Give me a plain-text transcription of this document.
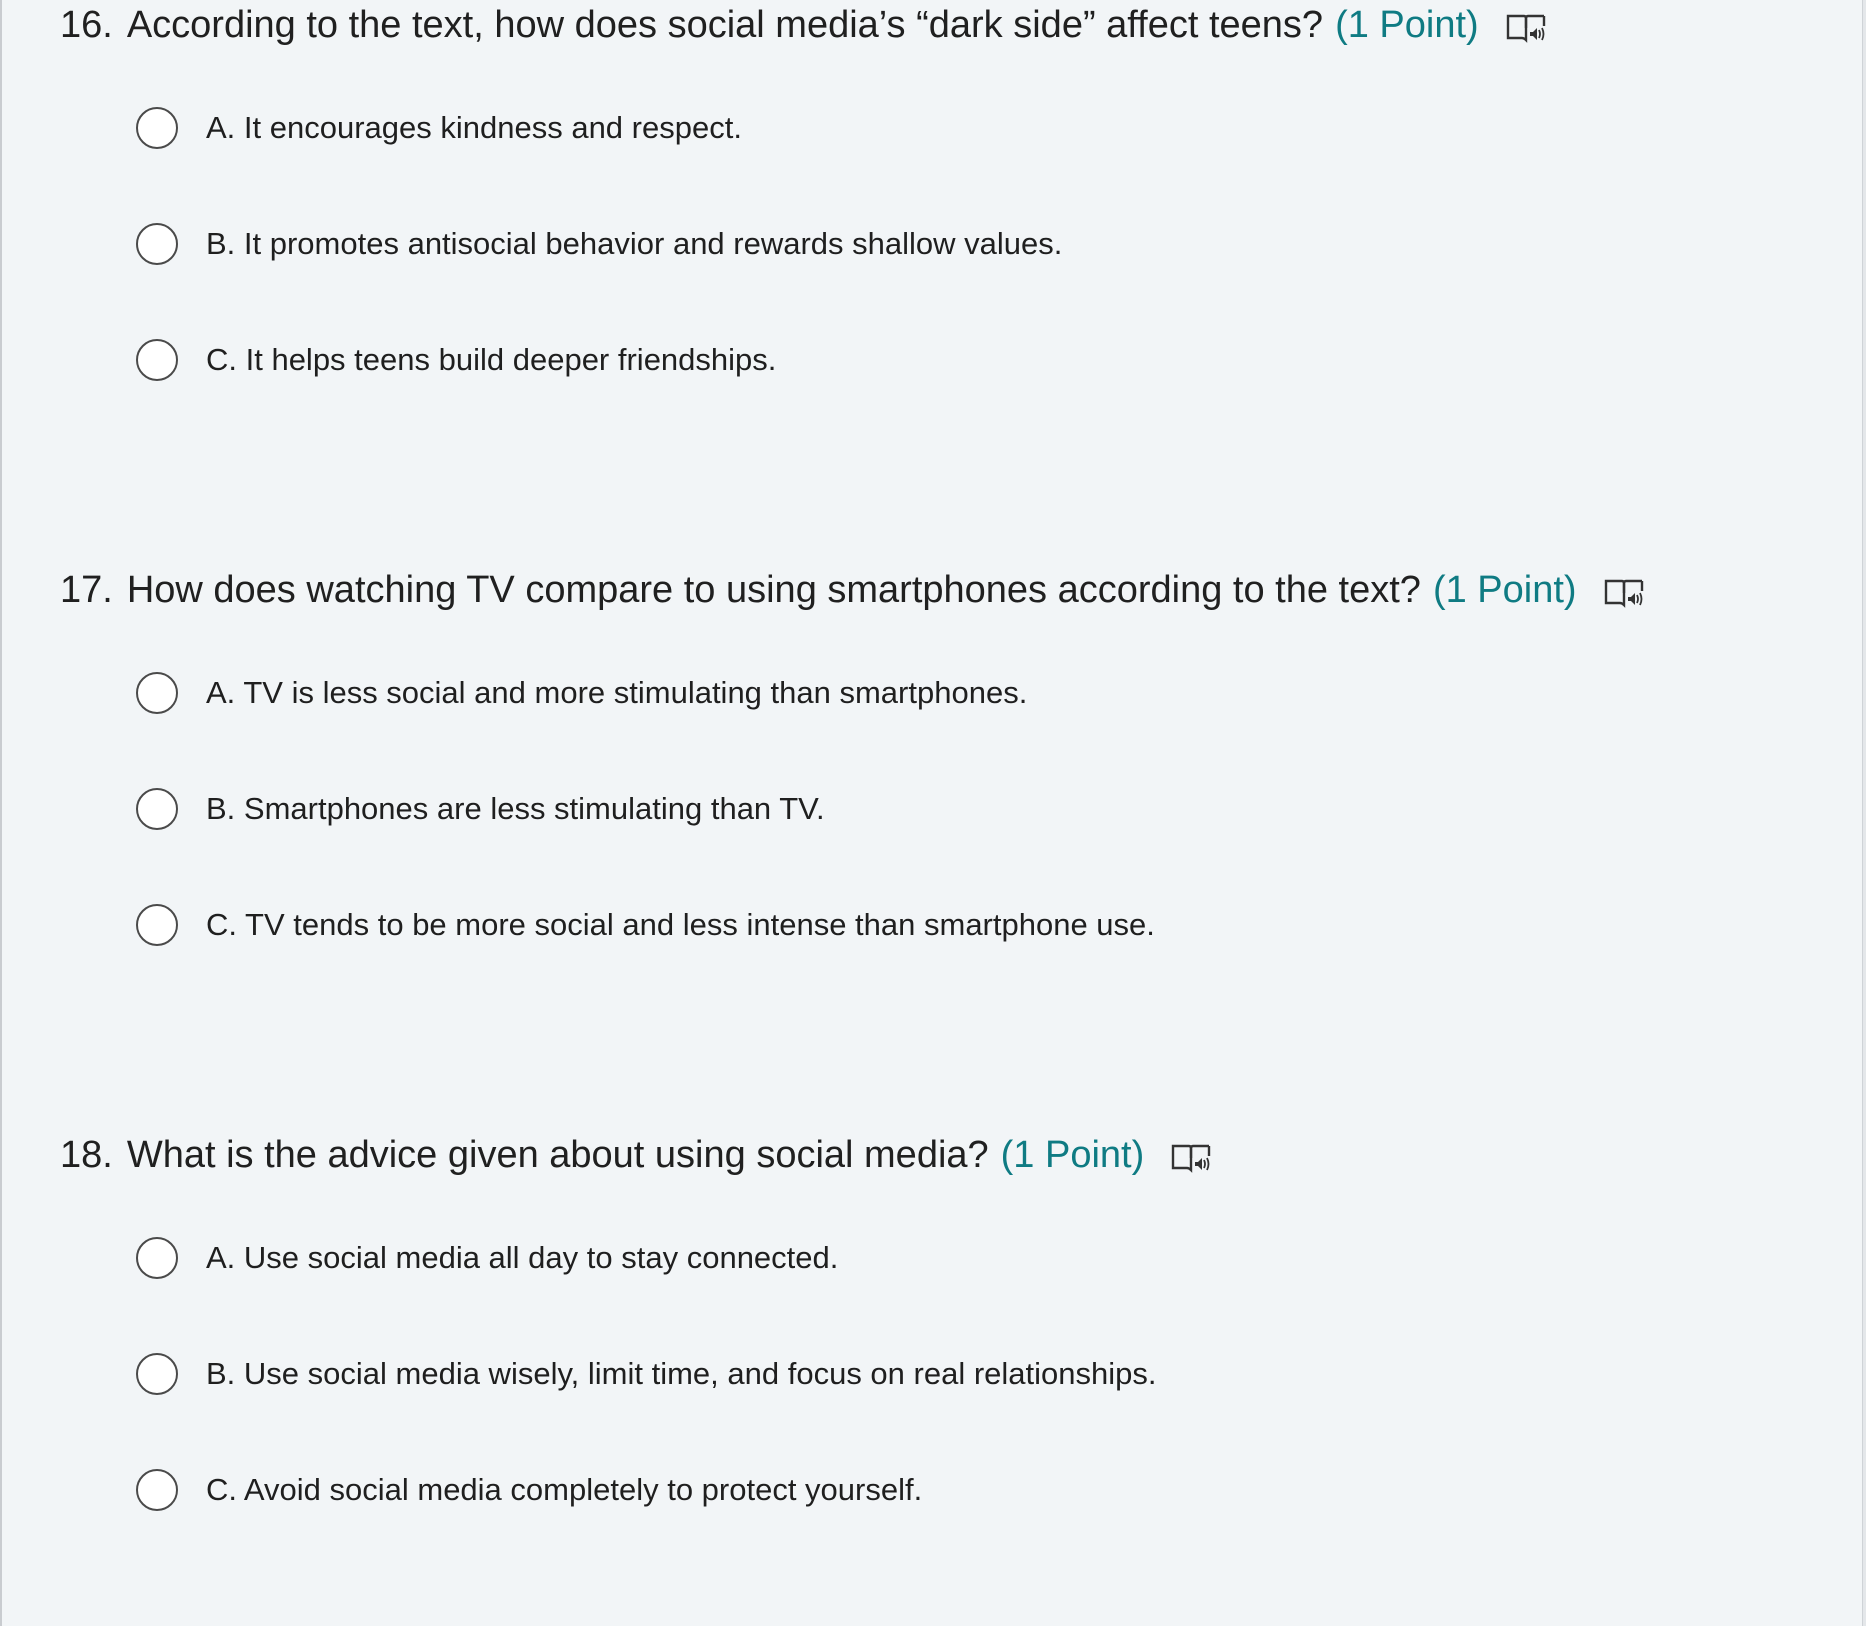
16. According to the text, how does social media’s “dark side” affect teens? (1 Point)
A. It encourages kindness and respect.
B. It promotes antisocial behavior and rewards shallow values.
C. It helps teens build deeper friendships.
17. How does watching TV compare to using smartphones according to the text? (1 Point)
A. TV is less social and more stimulating than smartphones.
B. Smartphones are less stimulating than TV.
C. TV tends to be more social and less intense than smartphone use.
18. What is the advice given about using social media? (1 Point)
A. Use social media all day to stay connected.
B. Use social media wisely, limit time, and focus on real relationships.
C. Avoid social media completely to protect yourself.
